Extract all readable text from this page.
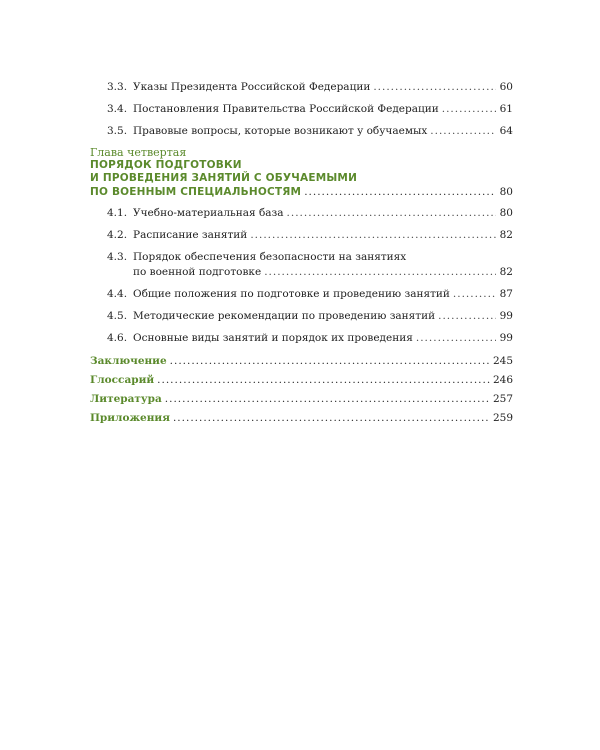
3.3. Указы Президента Российской Федерации .....	60
3.4. Постановления Правительства Российской Федерации .....	61
3.5. Правовые вопросы, которые возникают у обучаемых .....	64
Глава четвертая
ПОРЯДОК ПОДГОТОВКИ
И ПРОВЕДЕНИЯ ЗАНЯТИЙ С ОБУЧАЕМЫМИ
ПО ВОЕННЫМ СПЕЦИАЛЬНОСТЯМ .....	80
4.1. Учебно-материальная база .....	80
4.2. Расписание занятий .....	82
4.3. Порядок обеспечения безопасности на занятиях
по военной подготовке .....	82
4.4. Общие положения по подготовке и проведению занятий .....	87
4.5. Методические рекомендации по проведению занятий .....	99
4.6. Основные виды занятий и порядок их проведения .....	99
Заключение .....	245
Глоссарий .....	246
Литература .....	257
Приложения .....	259
